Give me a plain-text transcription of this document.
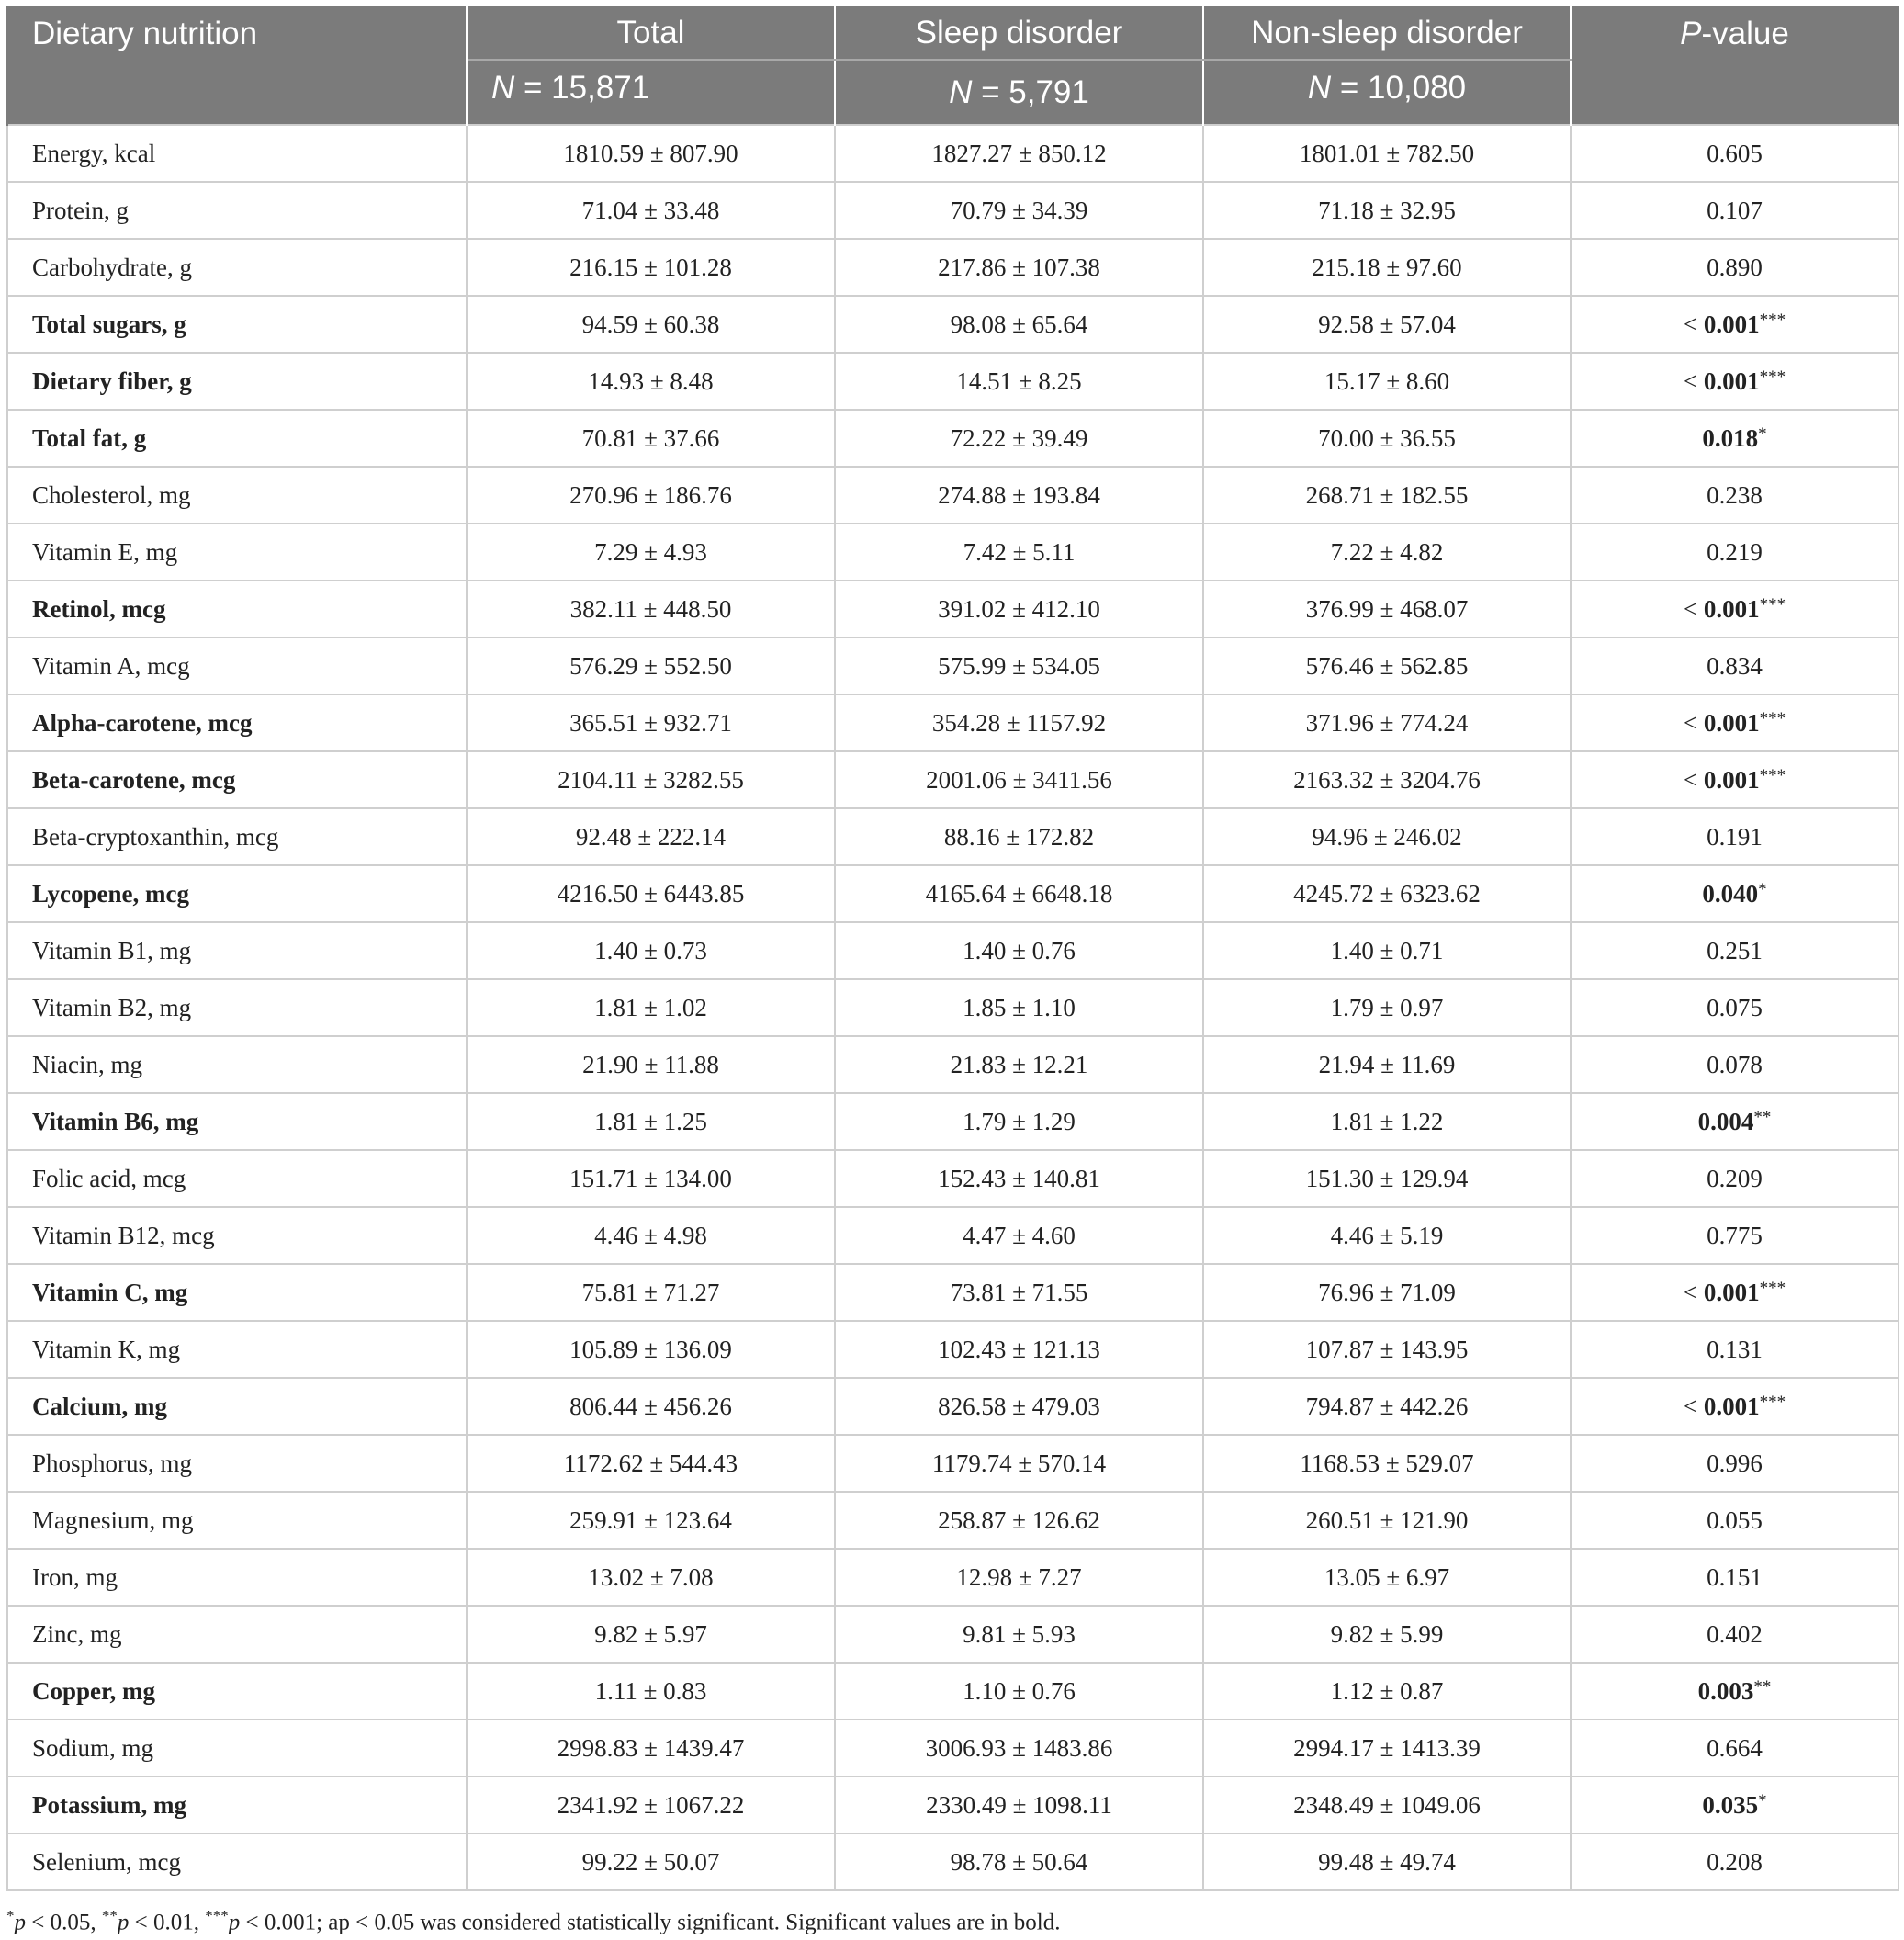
Dietary nutrition	Total	Sleep disorder	Non-sleep disorder	P-value
	N = 15,871	N = 5,791	N = 10,080	
Energy, kcal	1810.59 ± 807.90	1827.27 ± 850.12	1801.01 ± 782.50	0.605
Protein, g	71.04 ± 33.48	70.79 ± 34.39	71.18 ± 32.95	0.107
Carbohydrate, g	216.15 ± 101.28	217.86 ± 107.38	215.18 ± 97.60	0.890
Total sugars, g	94.59 ± 60.38	98.08 ± 65.64	92.58 ± 57.04	< 0.001***
Dietary fiber, g	14.93 ± 8.48	14.51 ± 8.25	15.17 ± 8.60	< 0.001***
Total fat, g	70.81 ± 37.66	72.22 ± 39.49	70.00 ± 36.55	0.018*
Cholesterol, mg	270.96 ± 186.76	274.88 ± 193.84	268.71 ± 182.55	0.238
Vitamin E, mg	7.29 ± 4.93	7.42 ± 5.11	7.22 ± 4.82	0.219
Retinol, mcg	382.11 ± 448.50	391.02 ± 412.10	376.99 ± 468.07	< 0.001***
Vitamin A, mcg	576.29 ± 552.50	575.99 ± 534.05	576.46 ± 562.85	0.834
Alpha-carotene, mcg	365.51 ± 932.71	354.28 ± 1157.92	371.96 ± 774.24	< 0.001***
Beta-carotene, mcg	2104.11 ± 3282.55	2001.06 ± 3411.56	2163.32 ± 3204.76	< 0.001***
Beta-cryptoxanthin, mcg	92.48 ± 222.14	88.16 ± 172.82	94.96 ± 246.02	0.191
Lycopene, mcg	4216.50 ± 6443.85	4165.64 ± 6648.18	4245.72 ± 6323.62	0.040*
Vitamin B1, mg	1.40 ± 0.73	1.40 ± 0.76	1.40 ± 0.71	0.251
Vitamin B2, mg	1.81 ± 1.02	1.85 ± 1.10	1.79 ± 0.97	0.075
Niacin, mg	21.90 ± 11.88	21.83 ± 12.21	21.94 ± 11.69	0.078
Vitamin B6, mg	1.81 ± 1.25	1.79 ± 1.29	1.81 ± 1.22	0.004**
Folic acid, mcg	151.71 ± 134.00	152.43 ± 140.81	151.30 ± 129.94	0.209
Vitamin B12, mcg	4.46 ± 4.98	4.47 ± 4.60	4.46 ± 5.19	0.775
Vitamin C, mg	75.81 ± 71.27	73.81 ± 71.55	76.96 ± 71.09	< 0.001***
Vitamin K, mg	105.89 ± 136.09	102.43 ± 121.13	107.87 ± 143.95	0.131
Calcium, mg	806.44 ± 456.26	826.58 ± 479.03	794.87 ± 442.26	< 0.001***
Phosphorus, mg	1172.62 ± 544.43	1179.74 ± 570.14	1168.53 ± 529.07	0.996
Magnesium, mg	259.91 ± 123.64	258.87 ± 126.62	260.51 ± 121.90	0.055
Iron, mg	13.02 ± 7.08	12.98 ± 7.27	13.05 ± 6.97	0.151
Zinc, mg	9.82 ± 5.97	9.81 ± 5.93	9.82 ± 5.99	0.402
Copper, mg	1.11 ± 0.83	1.10 ± 0.76	1.12 ± 0.87	0.003**
Sodium, mg	2998.83 ± 1439.47	3006.93 ± 1483.86	2994.17 ± 1413.39	0.664
Potassium, mg	2341.92 ± 1067.22	2330.49 ± 1098.11	2348.49 ± 1049.06	0.035*
Selenium, mcg	99.22 ± 50.07	98.78 ± 50.64	99.48 ± 49.74	0.208
*p < 0.05, **p < 0.01, ***p < 0.001; ap < 0.05 was considered statistically significant. Significant values are in bold.
